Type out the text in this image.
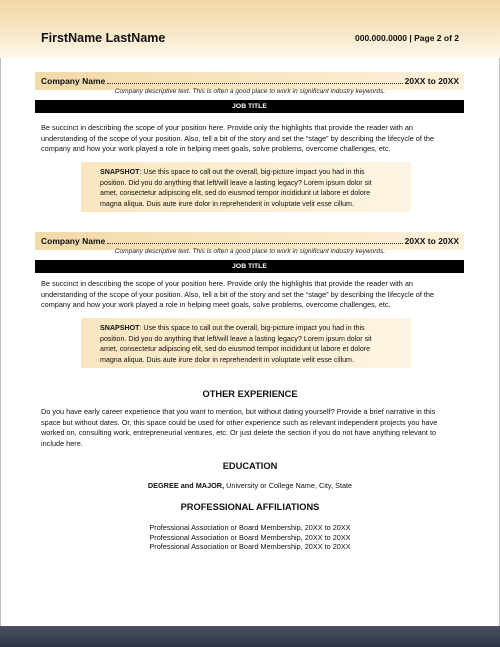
FirstName LastName	000.000.0000 | Page 2 of 2
Company Name	20XX to 20XX
Company descriptive text. This is often a good place to work in significant industry keywords.
JOB TITLE
Be succinct in describing the scope of your position here. Provide only the highlights that provide the reader with an
understanding of the scope of your position. Also, tell a bit of the story and set the “stage” by describing the lifecycle of the
company and how your work played a role in helping meet goals, solve problems, overcome challenges, etc.
SNAPSHOT: Use this space to call out the overall, big-picture impact you had in this
position. Did you do anything that left/will leave a lasting legacy? Lorem ipsum dolor sit
amet, consectetur adipiscing elit, sed do eiusmod tempor incididunt ut labore et dolore
magna aliqua. Duis aute irure dolor in reprehenderit in voluptate velit esse cillum.
Company Name	20XX to 20XX
Company descriptive text. This is often a good place to work in significant industry keywords.
JOB TITLE
Be succinct in describing the scope of your position here. Provide only the highlights that provide the reader with an
understanding of the scope of your position. Also, tell a bit of the story and set the “stage” by describing the lifecycle of the
company and how your work played a role in helping meet goals, solve problems, overcome challenges, etc.
SNAPSHOT: Use this space to call out the overall, big-picture impact you had in this
position. Did you do anything that left/will leave a lasting legacy? Lorem ipsum dolor sit
amet, consectetur adipiscing elit, sed do eiusmod tempor incididunt ut labore et dolore
magna aliqua. Duis aute irure dolor in reprehenderit in voluptate velit esse cillum.
OTHER EXPERIENCE
Do you have early career experience that you want to mention, but without dating yourself? Provide a brief narrative in this
space but without dates. Or, this space could be used for other experience such as relevant independent projects you have
worked on, consulting work, entrepreneurial ventures, etc. Or just delete the section if you do not have anything relevant to
include here.
EDUCATION
DEGREE and MAJOR, University or College Name, City, State
PROFESSIONAL AFFILIATIONS
Professional Association or Board Membership, 20XX to 20XX
Professional Association or Board Membership, 20XX to 20XX
Professional Association or Board Membership, 20XX to 20XX
